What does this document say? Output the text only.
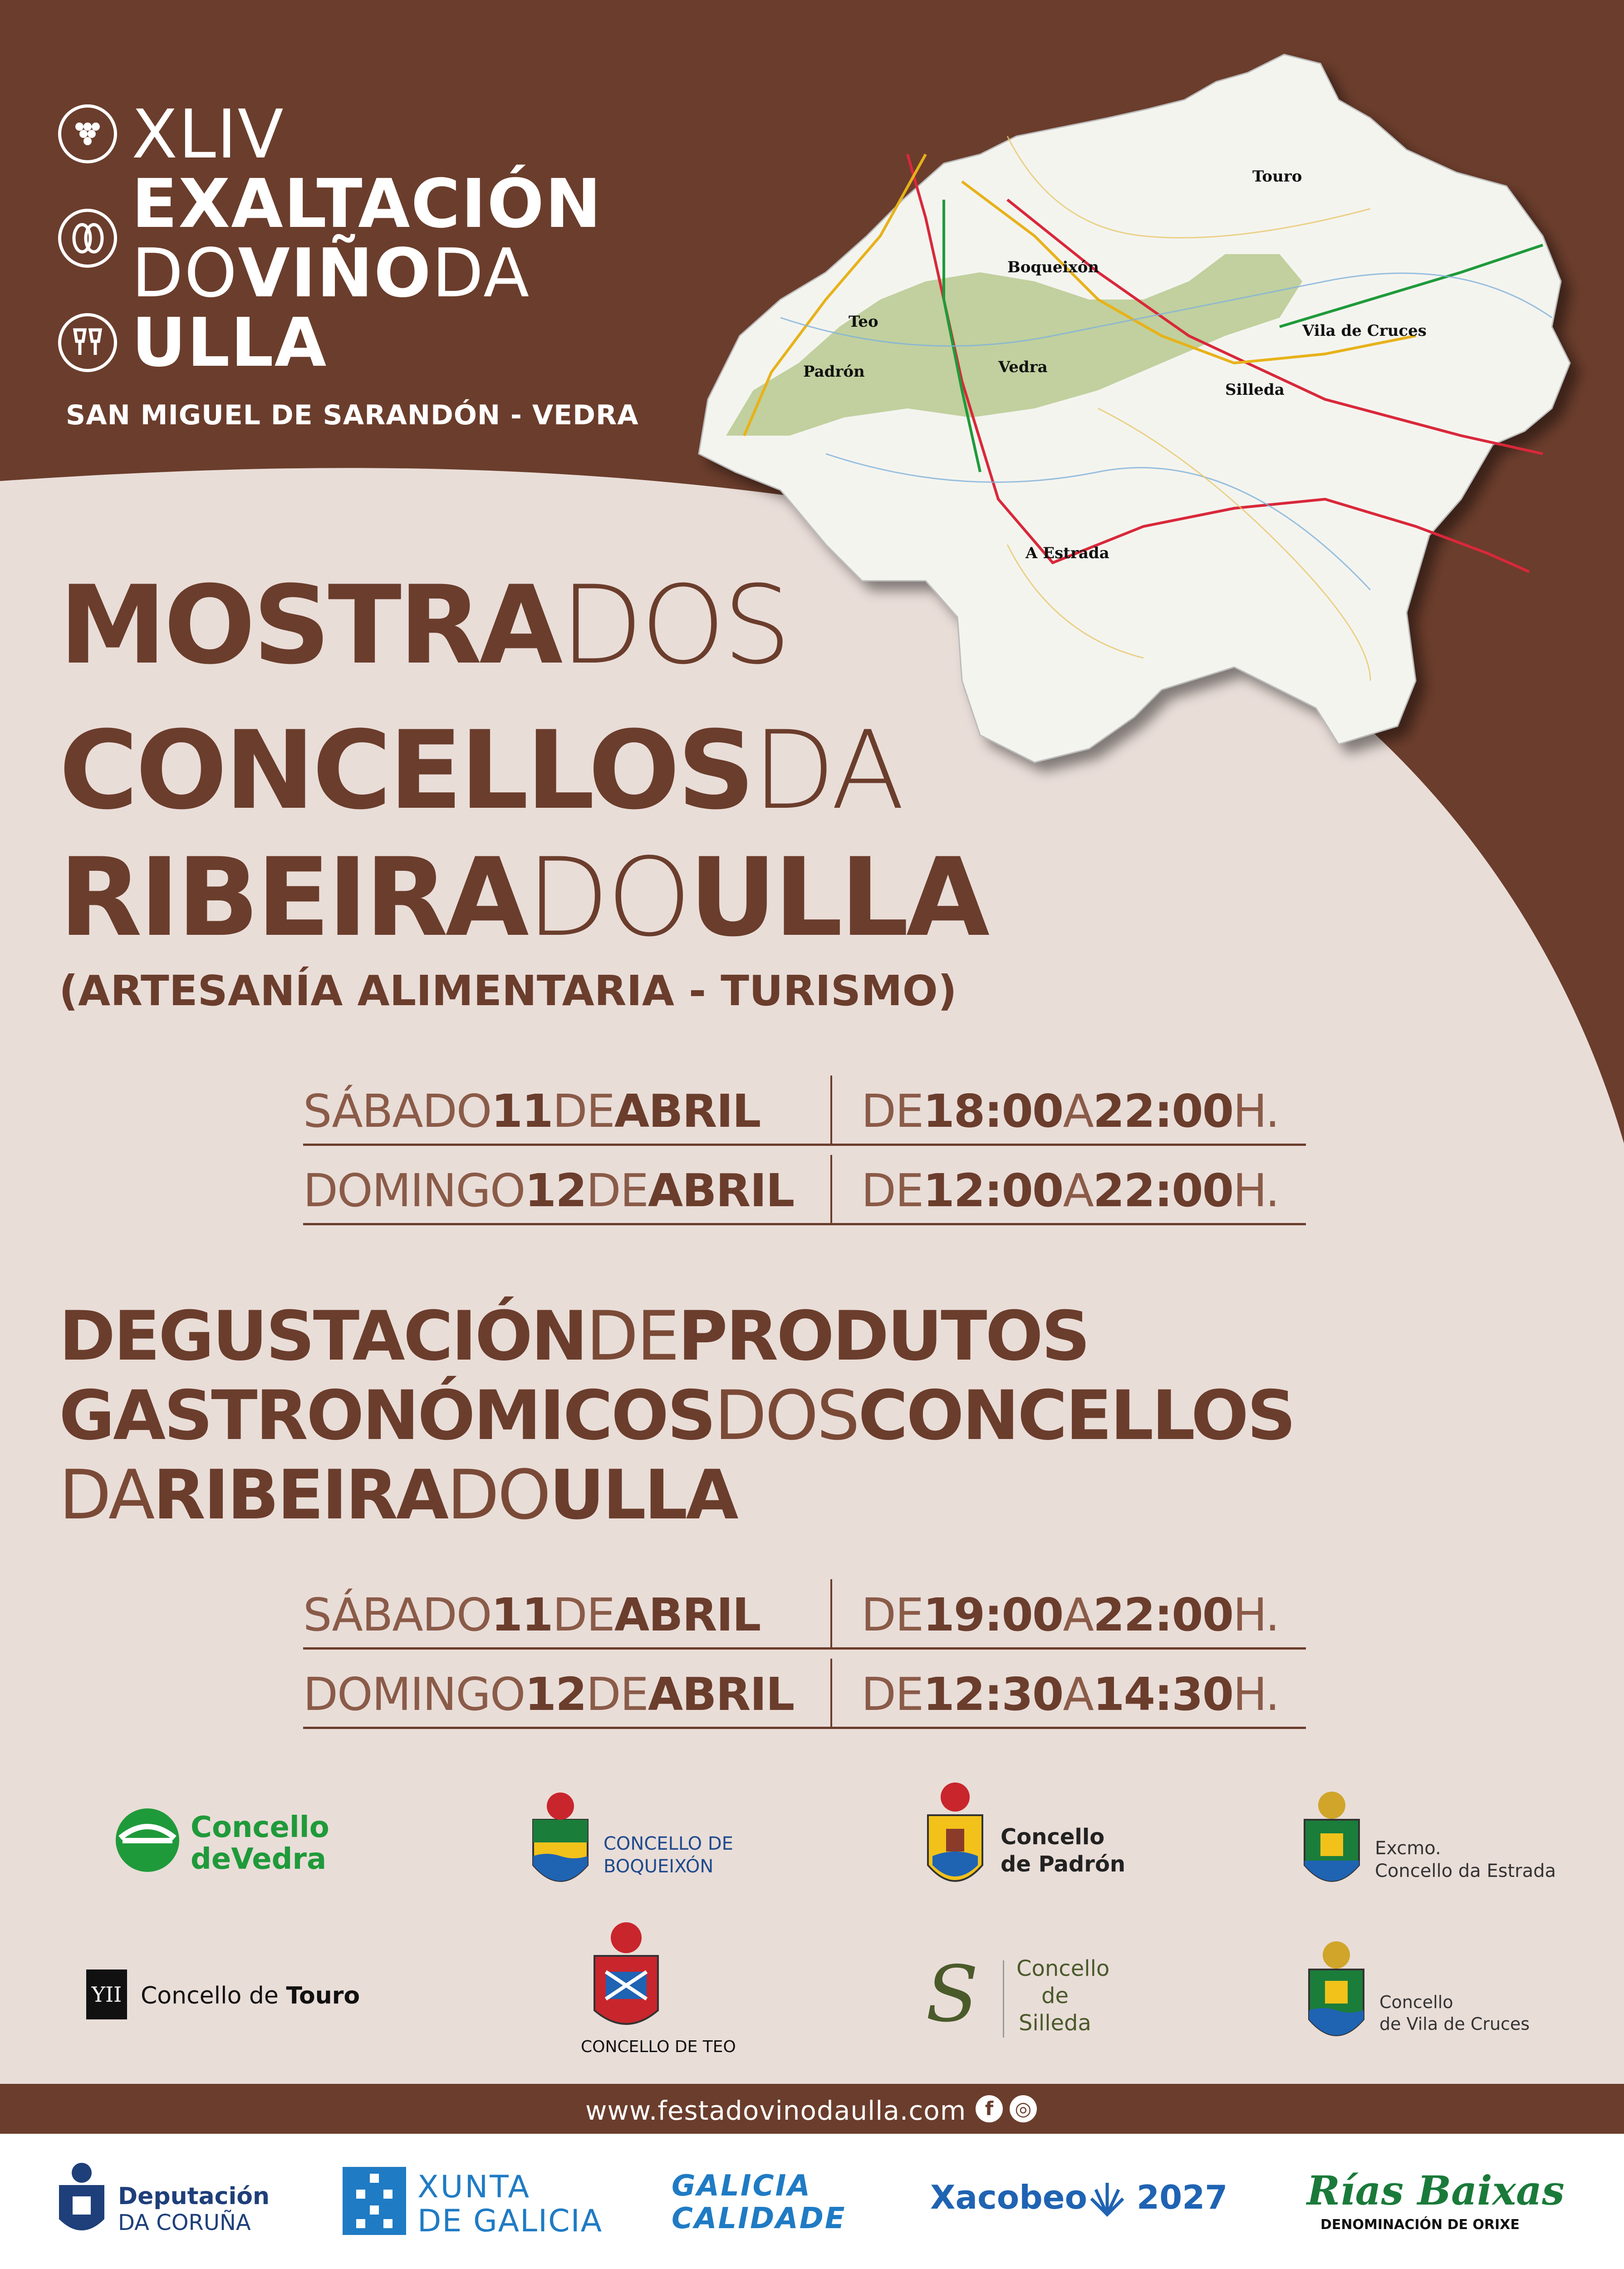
XLIV
EXALTACIÓN
DOVIÑODA
ULLA
SAN MIGUEL DE SARANDÓN - VEDRA
Touro
Boqueixón
Teo	Vila de Cruces
Padrón	Vedra
Silleda
A Estrada
MOSTRADOS
CONCELLOSDA
RIBEIRADOULLA
(ARTESANÍA ALIMENTARIA - TURISMO)
SÁBADO11DEABRIL DE18:00A22:00H.
DOMINGO12DEABRIL DE12:00A22:00H.
DEGUSTACIÓNDEPRODUTOS
GASTRONÓMICOSDOSCONCELLOS
DARIBEIRADOULLA
SÁBADO11DEABRIL DE19:00A22:00H.
DOMINGO12DEABRIL DE12:30A14:30H.
Concello
deVedra	CONCELLO DE
BOQUEIXÓN
Concello
de Padrón
Excmo.
Concello da Estrada
YII Concello de Touro
CONCELLO DE TEO
S Concello
de
Silleda
Concello
de Vila de Cruces
www.festadovinodaulla.com f	◎
Deputación
DA CORUÑA
XUNTA
DE GALICIA
GALICIA
CALIDADE
Xacobeo 2027 Rías Baixas
DENOMINACIÓN DE ORIXE
